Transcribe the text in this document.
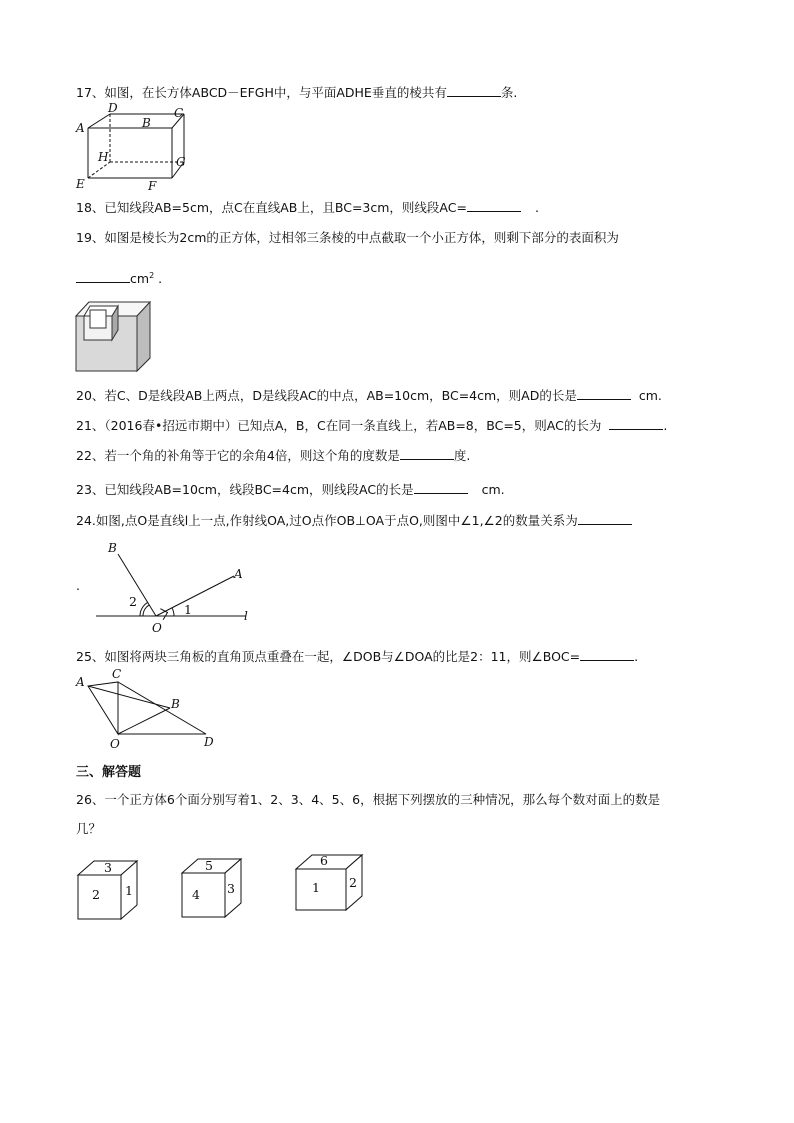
17、如图，在长方体ABCD－EFGH中，与平面ADHE垂直的棱共有	条.
A
D
B
C
H	G
E	F
18、已知线段AB=5cm，点C在直线AB上，且BC=3cm，则线段AC=	.
19、如图是棱长为2cm的正方体，过相邻三条棱的中点截取一个小正方体，则剩下部分的表面积为
$cm^2$ .
20、若C、D是线段AB上两点，D是线段AC的中点，AB=10cm，BC=4cm，则AD的长是	cm.
21、（2016春•招远市期中）已知点A，B，C在同一条直线上，若AB=8，BC=5，则AC的长为	.
22、若一个角的补角等于它的余角4倍，则这个角的度数是	度.
23、已知线段AB=10cm，线段BC=4cm，则线段AC的长是	cm.
24.如图,点O是直线l上一点,作射线OA,过O点作OB⊥OA于点O,则图中∠1,∠2的数量关系为
.
B
A
O
l
1
2
25、如图将两块三角板的直角顶点重叠在一起，∠DOB与∠DOA的比是2：11，则∠BOC=	.
A
C
B
O	D
三、解答题
26、一个正方体6个面分别写着1、2、3、4、5、6，根据下列摆放的三种情况，那么每个数对面上的数是
几？
3
2 1
5
4 3
6
1 2
